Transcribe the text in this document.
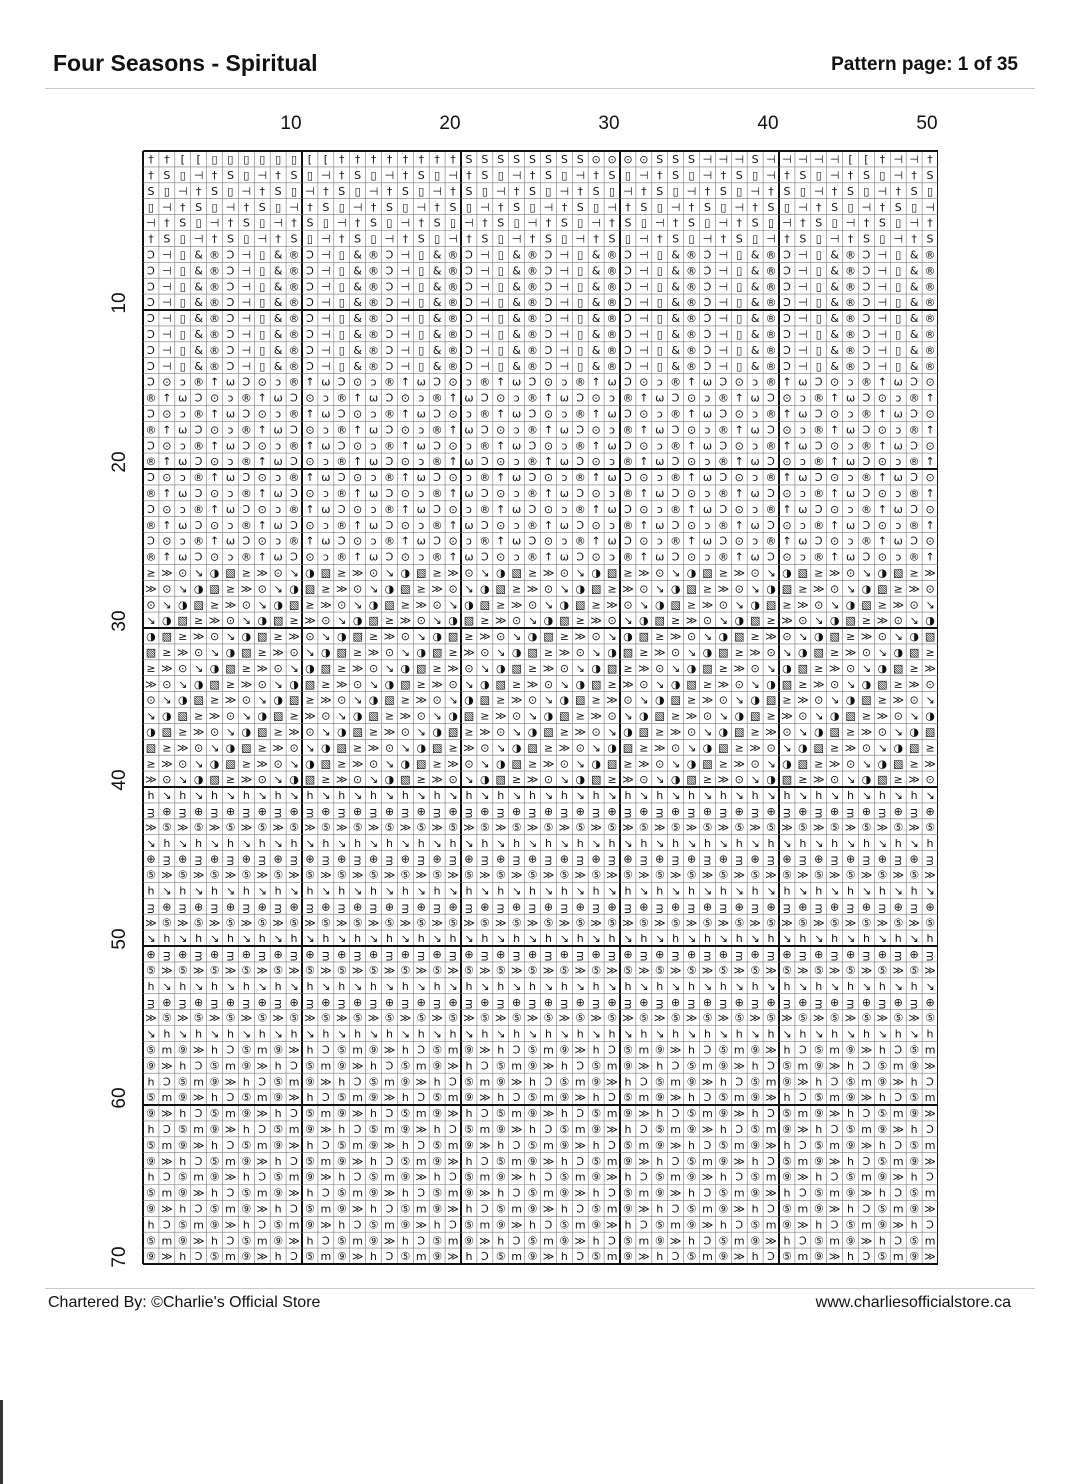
Four Seasons - Spiritual	Pattern page: 1 of 35
10	20	30	40	50
10
20
30
40
50
60
70
† † [ [ ▯ ▯ ▯ ▯ ▯ ▯ [ [ † † † † † † † † S S S S S S S S ⊙ ⊙ ⊙ ⊙ S S S ⊣ ⊣ ⊣ S ⊣ ⊣ ⊣ ⊣ ⊣ [ [ † ⊣ ⊣ †
† S ▯ ⊣ † S ▯ ⊣ † S ▯ ⊣ † S ▯ ⊣ † S ▯ ⊣ † S ▯ ⊣ † S ▯ ⊣ † S ▯ ⊣ † S ▯ ⊣ † S ▯ ⊣ † S ▯ ⊣ † S ▯ ⊣ † S
S ▯ ⊣ † S ▯ ⊣ † S ▯ ⊣ † S ▯ ⊣ † S ▯ ⊣ † S ▯ ⊣ † S ▯ ⊣ † S ▯ ⊣ † S ▯ ⊣ † S ▯ ⊣ † S ▯ ⊣ † S ▯ ⊣ † S ▯
▯ ⊣ † S ▯ ⊣ † S ▯ ⊣ † S ▯ ⊣ † S ▯ ⊣ † S ▯ ⊣ † S ▯ ⊣ † S ▯ ⊣ † S ▯ ⊣ † S ▯ ⊣ † S ▯ ⊣ † S ▯ ⊣ † S ▯ ⊣
⊣ † S ▯ ⊣ † S ▯ ⊣ † S ▯ ⊣ † S ▯ ⊣ † S ▯ ⊣ † S ▯ ⊣ † S ▯ ⊣ † S ▯ ⊣ † S ▯ ⊣ † S ▯ ⊣ † S ▯ ⊣ † S ▯ ⊣ †
† S ▯ ⊣ † S ▯ ⊣ † S ▯ ⊣ † S ▯ ⊣ † S ▯ ⊣ † S ▯ ⊣ † S ▯ ⊣ † S ▯ ⊣ † S ▯ ⊣ † S ▯ ⊣ † S ▯ ⊣ † S ▯ ⊣ † S
Ɔ ⊣ ▯ & ® Ɔ ⊣ ▯ & ® Ɔ ⊣ ▯ & ® Ɔ ⊣ ▯ & ® Ɔ ⊣ ▯ & ® Ɔ ⊣ ▯ & ® Ɔ ⊣ ▯ & ® Ɔ ⊣ ▯ & ® Ɔ ⊣ ▯ & ® Ɔ ⊣ ▯ & ®
Ɔ ⊣ ▯ & ® Ɔ ⊣ ▯ & ® Ɔ ⊣ ▯ & ® Ɔ ⊣ ▯ & ® Ɔ ⊣ ▯ & ® Ɔ ⊣ ▯ & ® Ɔ ⊣ ▯ & ® Ɔ ⊣ ▯ & ® Ɔ ⊣ ▯ & ® Ɔ ⊣ ▯ & ®
Ɔ ⊣ ▯ & ® Ɔ ⊣ ▯ & ® Ɔ ⊣ ▯ & ® Ɔ ⊣ ▯ & ® Ɔ ⊣ ▯ & ® Ɔ ⊣ ▯ & ® Ɔ ⊣ ▯ & ® Ɔ ⊣ ▯ & ® Ɔ ⊣ ▯ & ® Ɔ ⊣ ▯ & ®
Ɔ ⊣ ▯ & ® Ɔ ⊣ ▯ & ® Ɔ ⊣ ▯ & ® Ɔ ⊣ ▯ & ® Ɔ ⊣ ▯ & ® Ɔ ⊣ ▯ & ® Ɔ ⊣ ▯ & ® Ɔ ⊣ ▯ & ® Ɔ ⊣ ▯ & ® Ɔ ⊣ ▯ & ®
Ɔ ⊣ ▯ & ® Ɔ ⊣ ▯ & ® Ɔ ⊣ ▯ & ® Ɔ ⊣ ▯ & ® Ɔ ⊣ ▯ & ® Ɔ ⊣ ▯ & ® Ɔ ⊣ ▯ & ® Ɔ ⊣ ▯ & ® Ɔ ⊣ ▯ & ® Ɔ ⊣ ▯ & ®
Ɔ ⊣ ▯ & ® Ɔ ⊣ ▯ & ® Ɔ ⊣ ▯ & ® Ɔ ⊣ ▯ & ® Ɔ ⊣ ▯ & ® Ɔ ⊣ ▯ & ® Ɔ ⊣ ▯ & ® Ɔ ⊣ ▯ & ® Ɔ ⊣ ▯ & ® Ɔ ⊣ ▯ & ®
Ɔ ⊣ ▯ & ® Ɔ ⊣ ▯ & ® Ɔ ⊣ ▯ & ® Ɔ ⊣ ▯ & ® Ɔ ⊣ ▯ & ® Ɔ ⊣ ▯ & ® Ɔ ⊣ ▯ & ® Ɔ ⊣ ▯ & ® Ɔ ⊣ ▯ & ® Ɔ ⊣ ▯ & ®
Ɔ ⊣ ▯ & ® Ɔ ⊣ ▯ & ® Ɔ ⊣ ▯ & ® Ɔ ⊣ ▯ & ® Ɔ ⊣ ▯ & ® Ɔ ⊣ ▯ & ® Ɔ ⊣ ▯ & ® Ɔ ⊣ ▯ & ® Ɔ ⊣ ▯ & ® Ɔ ⊣ ▯ & ®
Ɔ ⊙ ↄ ® ↑ ω Ɔ ⊙ ↄ ® ↑ ω Ɔ ⊙ ↄ ® ↑ ω Ɔ ⊙ ↄ ® ↑ ω Ɔ ⊙ ↄ ® ↑ ω Ɔ ⊙ ↄ ® ↑ ω Ɔ ⊙ ↄ ® ↑ ω Ɔ ⊙ ↄ ® ↑ ω Ɔ ⊙
® ↑ ω Ɔ ⊙ ↄ ® ↑ ω Ɔ ⊙ ↄ ® ↑ ω Ɔ ⊙ ↄ ® ↑ ω Ɔ ⊙ ↄ ® ↑ ω Ɔ ⊙ ↄ ® ↑ ω Ɔ ⊙ ↄ ® ↑ ω Ɔ ⊙ ↄ ® ↑ ω Ɔ ⊙ ↄ ® ↑
Ɔ ⊙ ↄ ® ↑ ω Ɔ ⊙ ↄ ® ↑ ω Ɔ ⊙ ↄ ® ↑ ω Ɔ ⊙ ↄ ® ↑ ω Ɔ ⊙ ↄ ® ↑ ω Ɔ ⊙ ↄ ® ↑ ω Ɔ ⊙ ↄ ® ↑ ω Ɔ ⊙ ↄ ® ↑ ω Ɔ ⊙
® ↑ ω Ɔ ⊙ ↄ ® ↑ ω Ɔ ⊙ ↄ ® ↑ ω Ɔ ⊙ ↄ ® ↑ ω Ɔ ⊙ ↄ ® ↑ ω Ɔ ⊙ ↄ ® ↑ ω Ɔ ⊙ ↄ ® ↑ ω Ɔ ⊙ ↄ ® ↑ ω Ɔ ⊙ ↄ ® ↑
Ɔ ⊙ ↄ ® ↑ ω Ɔ ⊙ ↄ ® ↑ ω Ɔ ⊙ ↄ ® ↑ ω Ɔ ⊙ ↄ ® ↑ ω Ɔ ⊙ ↄ ® ↑ ω Ɔ ⊙ ↄ ® ↑ ω Ɔ ⊙ ↄ ® ↑ ω Ɔ ⊙ ↄ ® ↑ ω Ɔ ⊙
® ↑ ω Ɔ ⊙ ↄ ® ↑ ω Ɔ ⊙ ↄ ® ↑ ω Ɔ ⊙ ↄ ® ↑ ω Ɔ ⊙ ↄ ® ↑ ω Ɔ ⊙ ↄ ® ↑ ω Ɔ ⊙ ↄ ® ↑ ω Ɔ ⊙ ↄ ® ↑ ω Ɔ ⊙ ↄ ® ↑
Ɔ ⊙ ↄ ® ↑ ω Ɔ ⊙ ↄ ® ↑ ω Ɔ ⊙ ↄ ® ↑ ω Ɔ ⊙ ↄ ® ↑ ω Ɔ ⊙ ↄ ® ↑ ω Ɔ ⊙ ↄ ® ↑ ω Ɔ ⊙ ↄ ® ↑ ω Ɔ ⊙ ↄ ® ↑ ω Ɔ ⊙
® ↑ ω Ɔ ⊙ ↄ ® ↑ ω Ɔ ⊙ ↄ ® ↑ ω Ɔ ⊙ ↄ ® ↑ ω Ɔ ⊙ ↄ ® ↑ ω Ɔ ⊙ ↄ ® ↑ ω Ɔ ⊙ ↄ ® ↑ ω Ɔ ⊙ ↄ ® ↑ ω Ɔ ⊙ ↄ ® ↑
Ɔ ⊙ ↄ ® ↑ ω Ɔ ⊙ ↄ ® ↑ ω Ɔ ⊙ ↄ ® ↑ ω Ɔ ⊙ ↄ ® ↑ ω Ɔ ⊙ ↄ ® ↑ ω Ɔ ⊙ ↄ ® ↑ ω Ɔ ⊙ ↄ ® ↑ ω Ɔ ⊙ ↄ ® ↑ ω Ɔ ⊙
® ↑ ω Ɔ ⊙ ↄ ® ↑ ω Ɔ ⊙ ↄ ® ↑ ω Ɔ ⊙ ↄ ® ↑ ω Ɔ ⊙ ↄ ® ↑ ω Ɔ ⊙ ↄ ® ↑ ω Ɔ ⊙ ↄ ® ↑ ω Ɔ ⊙ ↄ ® ↑ ω Ɔ ⊙ ↄ ® ↑
Ɔ ⊙ ↄ ® ↑ ω Ɔ ⊙ ↄ ® ↑ ω Ɔ ⊙ ↄ ® ↑ ω Ɔ ⊙ ↄ ® ↑ ω Ɔ ⊙ ↄ ® ↑ ω Ɔ ⊙ ↄ ® ↑ ω Ɔ ⊙ ↄ ® ↑ ω Ɔ ⊙ ↄ ® ↑ ω Ɔ ⊙
® ↑ ω Ɔ ⊙ ↄ ® ↑ ω Ɔ ⊙ ↄ ® ↑ ω Ɔ ⊙ ↄ ® ↑ ω Ɔ ⊙ ↄ ® ↑ ω Ɔ ⊙ ↄ ® ↑ ω Ɔ ⊙ ↄ ® ↑ ω Ɔ ⊙ ↄ ® ↑ ω Ɔ ⊙ ↄ ® ↑
≥ ≫ ⊙ ↘ ◑ ▧ ≥ ≫ ⊙ ↘ ◑ ▧ ≥ ≫ ⊙ ↘ ◑ ▧ ≥ ≫ ⊙ ↘ ◑ ▧ ≥ ≫ ⊙ ↘ ◑ ▧ ≥ ≫ ⊙ ↘ ◑ ▧ ≥ ≫ ⊙ ↘ ◑ ▧ ≥ ≫ ⊙ ↘ ◑ ▧ ≥ ≫
≫ ⊙ ↘ ◑ ▧ ≥ ≫ ⊙ ↘ ◑ ▧ ≥ ≫ ⊙ ↘ ◑ ▧ ≥ ≫ ⊙ ↘ ◑ ▧ ≥ ≫ ⊙ ↘ ◑ ▧ ≥ ≫ ⊙ ↘ ◑ ▧ ≥ ≫ ⊙ ↘ ◑ ▧ ≥ ≫ ⊙ ↘ ◑ ▧ ≥ ≫ ⊙
⊙ ↘ ◑ ▧ ≥ ≫ ⊙ ↘ ◑ ▧ ≥ ≫ ⊙ ↘ ◑ ▧ ≥ ≫ ⊙ ↘ ◑ ▧ ≥ ≫ ⊙ ↘ ◑ ▧ ≥ ≫ ⊙ ↘ ◑ ▧ ≥ ≫ ⊙ ↘ ◑ ▧ ≥ ≫ ⊙ ↘ ◑ ▧ ≥ ≫ ⊙ ↘
↘ ◑ ▧ ≥ ≫ ⊙ ↘ ◑ ▧ ≥ ≫ ⊙ ↘ ◑ ▧ ≥ ≫ ⊙ ↘ ◑ ▧ ≥ ≫ ⊙ ↘ ◑ ▧ ≥ ≫ ⊙ ↘ ◑ ▧ ≥ ≫ ⊙ ↘ ◑ ▧ ≥ ≫ ⊙ ↘ ◑ ▧ ≥ ≫ ⊙ ↘ ◑
◑ ▧ ≥ ≫ ⊙ ↘ ◑ ▧ ≥ ≫ ⊙ ↘ ◑ ▧ ≥ ≫ ⊙ ↘ ◑ ▧ ≥ ≫ ⊙ ↘ ◑ ▧ ≥ ≫ ⊙ ↘ ◑ ▧ ≥ ≫ ⊙ ↘ ◑ ▧ ≥ ≫ ⊙ ↘ ◑ ▧ ≥ ≫ ⊙ ↘ ◑ ▧
▧ ≥ ≫ ⊙ ↘ ◑ ▧ ≥ ≫ ⊙ ↘ ◑ ▧ ≥ ≫ ⊙ ↘ ◑ ▧ ≥ ≫ ⊙ ↘ ◑ ▧ ≥ ≫ ⊙ ↘ ◑ ▧ ≥ ≫ ⊙ ↘ ◑ ▧ ≥ ≫ ⊙ ↘ ◑ ▧ ≥ ≫ ⊙ ↘ ◑ ▧ ≥
≥ ≫ ⊙ ↘ ◑ ▧ ≥ ≫ ⊙ ↘ ◑ ▧ ≥ ≫ ⊙ ↘ ◑ ▧ ≥ ≫ ⊙ ↘ ◑ ▧ ≥ ≫ ⊙ ↘ ◑ ▧ ≥ ≫ ⊙ ↘ ◑ ▧ ≥ ≫ ⊙ ↘ ◑ ▧ ≥ ≫ ⊙ ↘ ◑ ▧ ≥ ≫
≫ ⊙ ↘ ◑ ▧ ≥ ≫ ⊙ ↘ ◑ ▧ ≥ ≫ ⊙ ↘ ◑ ▧ ≥ ≫ ⊙ ↘ ◑ ▧ ≥ ≫ ⊙ ↘ ◑ ▧ ≥ ≫ ⊙ ↘ ◑ ▧ ≥ ≫ ⊙ ↘ ◑ ▧ ≥ ≫ ⊙ ↘ ◑ ▧ ≥ ≫ ⊙
⊙ ↘ ◑ ▧ ≥ ≫ ⊙ ↘ ◑ ▧ ≥ ≫ ⊙ ↘ ◑ ▧ ≥ ≫ ⊙ ↘ ◑ ▧ ≥ ≫ ⊙ ↘ ◑ ▧ ≥ ≫ ⊙ ↘ ◑ ▧ ≥ ≫ ⊙ ↘ ◑ ▧ ≥ ≫ ⊙ ↘ ◑ ▧ ≥ ≫ ⊙ ↘
↘ ◑ ▧ ≥ ≫ ⊙ ↘ ◑ ▧ ≥ ≫ ⊙ ↘ ◑ ▧ ≥ ≫ ⊙ ↘ ◑ ▧ ≥ ≫ ⊙ ↘ ◑ ▧ ≥ ≫ ⊙ ↘ ◑ ▧ ≥ ≫ ⊙ ↘ ◑ ▧ ≥ ≫ ⊙ ↘ ◑ ▧ ≥ ≫ ⊙ ↘ ◑
◑ ▧ ≥ ≫ ⊙ ↘ ◑ ▧ ≥ ≫ ⊙ ↘ ◑ ▧ ≥ ≫ ⊙ ↘ ◑ ▧ ≥ ≫ ⊙ ↘ ◑ ▧ ≥ ≫ ⊙ ↘ ◑ ▧ ≥ ≫ ⊙ ↘ ◑ ▧ ≥ ≫ ⊙ ↘ ◑ ▧ ≥ ≫ ⊙ ↘ ◑ ▧
▧ ≥ ≫ ⊙ ↘ ◑ ▧ ≥ ≫ ⊙ ↘ ◑ ▧ ≥ ≫ ⊙ ↘ ◑ ▧ ≥ ≫ ⊙ ↘ ◑ ▧ ≥ ≫ ⊙ ↘ ◑ ▧ ≥ ≫ ⊙ ↘ ◑ ▧ ≥ ≫ ⊙ ↘ ◑ ▧ ≥ ≫ ⊙ ↘ ◑ ▧ ≥
≥ ≫ ⊙ ↘ ◑ ▧ ≥ ≫ ⊙ ↘ ◑ ▧ ≥ ≫ ⊙ ↘ ◑ ▧ ≥ ≫ ⊙ ↘ ◑ ▧ ≥ ≫ ⊙ ↘ ◑ ▧ ≥ ≫ ⊙ ↘ ◑ ▧ ≥ ≫ ⊙ ↘ ◑ ▧ ≥ ≫ ⊙ ↘ ◑ ▧ ≥ ≫
≫ ⊙ ↘ ◑ ▧ ≥ ≫ ⊙ ↘ ◑ ▧ ≥ ≫ ⊙ ↘ ◑ ▧ ≥ ≫ ⊙ ↘ ◑ ▧ ≥ ≫ ⊙ ↘ ◑ ▧ ≥ ≫ ⊙ ↘ ◑ ▧ ≥ ≫ ⊙ ↘ ◑ ▧ ≥ ≫ ⊙ ↘ ◑ ▧ ≥ ≫ ⊙
h ↘ h ↘ h ↘ h ↘ h ↘ h ↘ h ↘ h ↘ h ↘ h ↘ h ↘ h ↘ h ↘ h ↘ h ↘ h ↘ h ↘ h ↘ h ↘ h ↘ h ↘ h ↘ h ↘ h ↘ h ↘
ᴟ ⊕ ᴟ ⊕ ᴟ ⊕ ᴟ ⊕ ᴟ ⊕ ᴟ ⊕ ᴟ ⊕ ᴟ ⊕ ᴟ ⊕ ᴟ ⊕ ᴟ ⊕ ᴟ ⊕ ᴟ ⊕ ᴟ ⊕ ᴟ ⊕ ᴟ ⊕ ᴟ ⊕ ᴟ ⊕ ᴟ ⊕ ᴟ ⊕ ᴟ ⊕ ᴟ ⊕ ᴟ ⊕ ᴟ ⊕ ᴟ ⊕
≫ ⑤ ≫ ⑤ ≫ ⑤ ≫ ⑤ ≫ ⑤ ≫ ⑤ ≫ ⑤ ≫ ⑤ ≫ ⑤ ≫ ⑤ ≫ ⑤ ≫ ⑤ ≫ ⑤ ≫ ⑤ ≫ ⑤ ≫ ⑤ ≫ ⑤ ≫ ⑤ ≫ ⑤ ≫ ⑤ ≫ ⑤ ≫ ⑤ ≫ ⑤ ≫ ⑤ ≫ ⑤
↘ h ↘ h ↘ h ↘ h ↘ h ↘ h ↘ h ↘ h ↘ h ↘ h ↘ h ↘ h ↘ h ↘ h ↘ h ↘ h ↘ h ↘ h ↘ h ↘ h ↘ h ↘ h ↘ h ↘ h ↘ h
⊕ ᴟ ⊕ ᴟ ⊕ ᴟ ⊕ ᴟ ⊕ ᴟ ⊕ ᴟ ⊕ ᴟ ⊕ ᴟ ⊕ ᴟ ⊕ ᴟ ⊕ ᴟ ⊕ ᴟ ⊕ ᴟ ⊕ ᴟ ⊕ ᴟ ⊕ ᴟ ⊕ ᴟ ⊕ ᴟ ⊕ ᴟ ⊕ ᴟ ⊕ ᴟ ⊕ ᴟ ⊕ ᴟ ⊕ ᴟ ⊕ ᴟ
⑤ ≫ ⑤ ≫ ⑤ ≫ ⑤ ≫ ⑤ ≫ ⑤ ≫ ⑤ ≫ ⑤ ≫ ⑤ ≫ ⑤ ≫ ⑤ ≫ ⑤ ≫ ⑤ ≫ ⑤ ≫ ⑤ ≫ ⑤ ≫ ⑤ ≫ ⑤ ≫ ⑤ ≫ ⑤ ≫ ⑤ ≫ ⑤ ≫ ⑤ ≫ ⑤ ≫ ⑤ ≫
h ↘ h ↘ h ↘ h ↘ h ↘ h ↘ h ↘ h ↘ h ↘ h ↘ h ↘ h ↘ h ↘ h ↘ h ↘ h ↘ h ↘ h ↘ h ↘ h ↘ h ↘ h ↘ h ↘ h ↘ h ↘
ᴟ ⊕ ᴟ ⊕ ᴟ ⊕ ᴟ ⊕ ᴟ ⊕ ᴟ ⊕ ᴟ ⊕ ᴟ ⊕ ᴟ ⊕ ᴟ ⊕ ᴟ ⊕ ᴟ ⊕ ᴟ ⊕ ᴟ ⊕ ᴟ ⊕ ᴟ ⊕ ᴟ ⊕ ᴟ ⊕ ᴟ ⊕ ᴟ ⊕ ᴟ ⊕ ᴟ ⊕ ᴟ ⊕ ᴟ ⊕ ᴟ ⊕
≫ ⑤ ≫ ⑤ ≫ ⑤ ≫ ⑤ ≫ ⑤ ≫ ⑤ ≫ ⑤ ≫ ⑤ ≫ ⑤ ≫ ⑤ ≫ ⑤ ≫ ⑤ ≫ ⑤ ≫ ⑤ ≫ ⑤ ≫ ⑤ ≫ ⑤ ≫ ⑤ ≫ ⑤ ≫ ⑤ ≫ ⑤ ≫ ⑤ ≫ ⑤ ≫ ⑤ ≫ ⑤
↘ h ↘ h ↘ h ↘ h ↘ h ↘ h ↘ h ↘ h ↘ h ↘ h ↘ h ↘ h ↘ h ↘ h ↘ h ↘ h ↘ h ↘ h ↘ h ↘ h ↘ h ↘ h ↘ h ↘ h ↘ h
⊕ ᴟ ⊕ ᴟ ⊕ ᴟ ⊕ ᴟ ⊕ ᴟ ⊕ ᴟ ⊕ ᴟ ⊕ ᴟ ⊕ ᴟ ⊕ ᴟ ⊕ ᴟ ⊕ ᴟ ⊕ ᴟ ⊕ ᴟ ⊕ ᴟ ⊕ ᴟ ⊕ ᴟ ⊕ ᴟ ⊕ ᴟ ⊕ ᴟ ⊕ ᴟ ⊕ ᴟ ⊕ ᴟ ⊕ ᴟ ⊕ ᴟ
⑤ ≫ ⑤ ≫ ⑤ ≫ ⑤ ≫ ⑤ ≫ ⑤ ≫ ⑤ ≫ ⑤ ≫ ⑤ ≫ ⑤ ≫ ⑤ ≫ ⑤ ≫ ⑤ ≫ ⑤ ≫ ⑤ ≫ ⑤ ≫ ⑤ ≫ ⑤ ≫ ⑤ ≫ ⑤ ≫ ⑤ ≫ ⑤ ≫ ⑤ ≫ ⑤ ≫ ⑤ ≫
h ↘ h ↘ h ↘ h ↘ h ↘ h ↘ h ↘ h ↘ h ↘ h ↘ h ↘ h ↘ h ↘ h ↘ h ↘ h ↘ h ↘ h ↘ h ↘ h ↘ h ↘ h ↘ h ↘ h ↘ h ↘
ᴟ ⊕ ᴟ ⊕ ᴟ ⊕ ᴟ ⊕ ᴟ ⊕ ᴟ ⊕ ᴟ ⊕ ᴟ ⊕ ᴟ ⊕ ᴟ ⊕ ᴟ ⊕ ᴟ ⊕ ᴟ ⊕ ᴟ ⊕ ᴟ ⊕ ᴟ ⊕ ᴟ ⊕ ᴟ ⊕ ᴟ ⊕ ᴟ ⊕ ᴟ ⊕ ᴟ ⊕ ᴟ ⊕ ᴟ ⊕ ᴟ ⊕
≫ ⑤ ≫ ⑤ ≫ ⑤ ≫ ⑤ ≫ ⑤ ≫ ⑤ ≫ ⑤ ≫ ⑤ ≫ ⑤ ≫ ⑤ ≫ ⑤ ≫ ⑤ ≫ ⑤ ≫ ⑤ ≫ ⑤ ≫ ⑤ ≫ ⑤ ≫ ⑤ ≫ ⑤ ≫ ⑤ ≫ ⑤ ≫ ⑤ ≫ ⑤ ≫ ⑤ ≫ ⑤
↘ h ↘ h ↘ h ↘ h ↘ h ↘ h ↘ h ↘ h ↘ h ↘ h ↘ h ↘ h ↘ h ↘ h ↘ h ↘ h ↘ h ↘ h ↘ h ↘ h ↘ h ↘ h ↘ h ↘ h ↘ h
⑤ m ⑨ ≫ h Ɔ ⑤ m ⑨ ≫ h Ɔ ⑤ m ⑨ ≫ h Ɔ ⑤ m ⑨ ≫ h Ɔ ⑤ m ⑨ ≫ h Ɔ ⑤ m ⑨ ≫ h Ɔ ⑤ m ⑨ ≫ h Ɔ ⑤ m ⑨ ≫ h Ɔ ⑤ m
⑨ ≫ h Ɔ ⑤ m ⑨ ≫ h Ɔ ⑤ m ⑨ ≫ h Ɔ ⑤ m ⑨ ≫ h Ɔ ⑤ m ⑨ ≫ h Ɔ ⑤ m ⑨ ≫ h Ɔ ⑤ m ⑨ ≫ h Ɔ ⑤ m ⑨ ≫ h Ɔ ⑤ m ⑨ ≫
h Ɔ ⑤ m ⑨ ≫ h Ɔ ⑤ m ⑨ ≫ h Ɔ ⑤ m ⑨ ≫ h Ɔ ⑤ m ⑨ ≫ h Ɔ ⑤ m ⑨ ≫ h Ɔ ⑤ m ⑨ ≫ h Ɔ ⑤ m ⑨ ≫ h Ɔ ⑤ m ⑨ ≫ h Ɔ
⑤ m ⑨ ≫ h Ɔ ⑤ m ⑨ ≫ h Ɔ ⑤ m ⑨ ≫ h Ɔ ⑤ m ⑨ ≫ h Ɔ ⑤ m ⑨ ≫ h Ɔ ⑤ m ⑨ ≫ h Ɔ ⑤ m ⑨ ≫ h Ɔ ⑤ m ⑨ ≫ h Ɔ ⑤ m
⑨ ≫ h Ɔ ⑤ m ⑨ ≫ h Ɔ ⑤ m ⑨ ≫ h Ɔ ⑤ m ⑨ ≫ h Ɔ ⑤ m ⑨ ≫ h Ɔ ⑤ m ⑨ ≫ h Ɔ ⑤ m ⑨ ≫ h Ɔ ⑤ m ⑨ ≫ h Ɔ ⑤ m ⑨ ≫
h Ɔ ⑤ m ⑨ ≫ h Ɔ ⑤ m ⑨ ≫ h Ɔ ⑤ m ⑨ ≫ h Ɔ ⑤ m ⑨ ≫ h Ɔ ⑤ m ⑨ ≫ h Ɔ ⑤ m ⑨ ≫ h Ɔ ⑤ m ⑨ ≫ h Ɔ ⑤ m ⑨ ≫ h Ɔ
⑤ m ⑨ ≫ h Ɔ ⑤ m ⑨ ≫ h Ɔ ⑤ m ⑨ ≫ h Ɔ ⑤ m ⑨ ≫ h Ɔ ⑤ m ⑨ ≫ h Ɔ ⑤ m ⑨ ≫ h Ɔ ⑤ m ⑨ ≫ h Ɔ ⑤ m ⑨ ≫ h Ɔ ⑤ m
⑨ ≫ h Ɔ ⑤ m ⑨ ≫ h Ɔ ⑤ m ⑨ ≫ h Ɔ ⑤ m ⑨ ≫ h Ɔ ⑤ m ⑨ ≫ h Ɔ ⑤ m ⑨ ≫ h Ɔ ⑤ m ⑨ ≫ h Ɔ ⑤ m ⑨ ≫ h Ɔ ⑤ m ⑨ ≫
h Ɔ ⑤ m ⑨ ≫ h Ɔ ⑤ m ⑨ ≫ h Ɔ ⑤ m ⑨ ≫ h Ɔ ⑤ m ⑨ ≫ h Ɔ ⑤ m ⑨ ≫ h Ɔ ⑤ m ⑨ ≫ h Ɔ ⑤ m ⑨ ≫ h Ɔ ⑤ m ⑨ ≫ h Ɔ
⑤ m ⑨ ≫ h Ɔ ⑤ m ⑨ ≫ h Ɔ ⑤ m ⑨ ≫ h Ɔ ⑤ m ⑨ ≫ h Ɔ ⑤ m ⑨ ≫ h Ɔ ⑤ m ⑨ ≫ h Ɔ ⑤ m ⑨ ≫ h Ɔ ⑤ m ⑨ ≫ h Ɔ ⑤ m
⑨ ≫ h Ɔ ⑤ m ⑨ ≫ h Ɔ ⑤ m ⑨ ≫ h Ɔ ⑤ m ⑨ ≫ h Ɔ ⑤ m ⑨ ≫ h Ɔ ⑤ m ⑨ ≫ h Ɔ ⑤ m ⑨ ≫ h Ɔ ⑤ m ⑨ ≫ h Ɔ ⑤ m ⑨ ≫
h Ɔ ⑤ m ⑨ ≫ h Ɔ ⑤ m ⑨ ≫ h Ɔ ⑤ m ⑨ ≫ h Ɔ ⑤ m ⑨ ≫ h Ɔ ⑤ m ⑨ ≫ h Ɔ ⑤ m ⑨ ≫ h Ɔ ⑤ m ⑨ ≫ h Ɔ ⑤ m ⑨ ≫ h Ɔ
⑤ m ⑨ ≫ h Ɔ ⑤ m ⑨ ≫ h Ɔ ⑤ m ⑨ ≫ h Ɔ ⑤ m ⑨ ≫ h Ɔ ⑤ m ⑨ ≫ h Ɔ ⑤ m ⑨ ≫ h Ɔ ⑤ m ⑨ ≫ h Ɔ ⑤ m ⑨ ≫ h Ɔ ⑤ m
⑨ ≫ h Ɔ ⑤ m ⑨ ≫ h Ɔ ⑤ m ⑨ ≫ h Ɔ ⑤ m ⑨ ≫ h Ɔ ⑤ m ⑨ ≫ h Ɔ ⑤ m ⑨ ≫ h Ɔ ⑤ m ⑨ ≫ h Ɔ ⑤ m ⑨ ≫ h Ɔ ⑤ m ⑨ ≫
Chartered By: ©Charlie's Official Store	www.charliesofficialstore.ca
